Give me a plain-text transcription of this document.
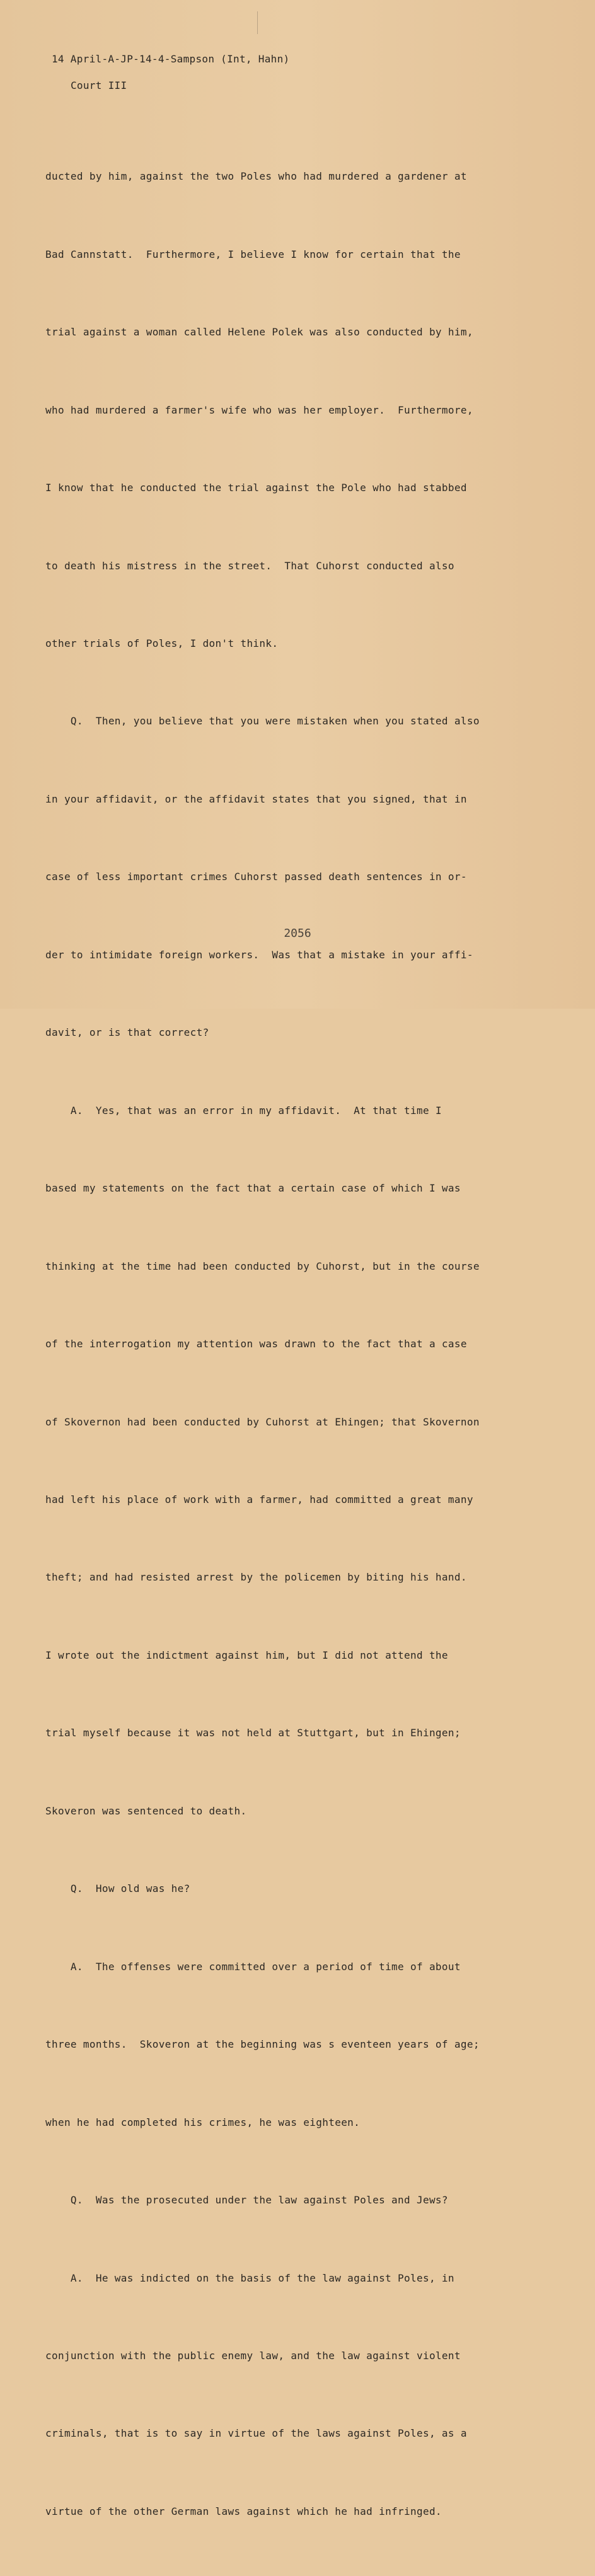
14 April-A-JP-14-4-Sampson (Int, Hahn)
Court III

ducted by him, against the two Poles who had murdered a gardener at

Bad Cannstatt.  Furthermore, I believe I know for certain that the

trial against a woman called Helene Polek was also conducted by him,

who had murdered a farmer's wife who was her employer.  Furthermore,

I know that he conducted the trial against the Pole who had stabbed

to death his mistress in the street.  That Cuhorst conducted also

other trials of Poles, I don't think.

Q.  Then, you believe that you were mistaken when you stated also

in your affidavit, or the affidavit states that you signed, that in

case of less important crimes Cuhorst passed death sentences in or-

der to intimidate foreign workers.  Was that a mistake in your affi-

davit, or is that correct?

A.  Yes, that was an error in my affidavit.  At that time I

based my statements on the fact that a certain case of which I was

thinking at the time had been conducted by Cuhorst, but in the course

of the interrogation my attention was drawn to the fact that a case

of Skovernon had been conducted by Cuhorst at Ehingen; that Skovernon

had left his place of work with a farmer, had committed a great many

theft; and had resisted arrest by the policemen by biting his hand.

I wrote out the indictment against him, but I did not attend the

trial myself because it was not held at Stuttgart, but in Ehingen;

Skoveron was sentenced to death.

Q.  How old was he?

A.  The offenses were committed over a period of time of about

three months.  Skoveron at the beginning was s eventeen years of age;

when he had completed his crimes, he was eighteen.

Q.  Was the prosecuted under the law against Poles and Jews?

A.  He was indicted on the basis of the law against Poles, in

conjunction with the public enemy law, and the law against violent

criminals, that is to say in virtue of the laws against Poles, as a

virtue of the other German laws against which he had infringed.

2056
